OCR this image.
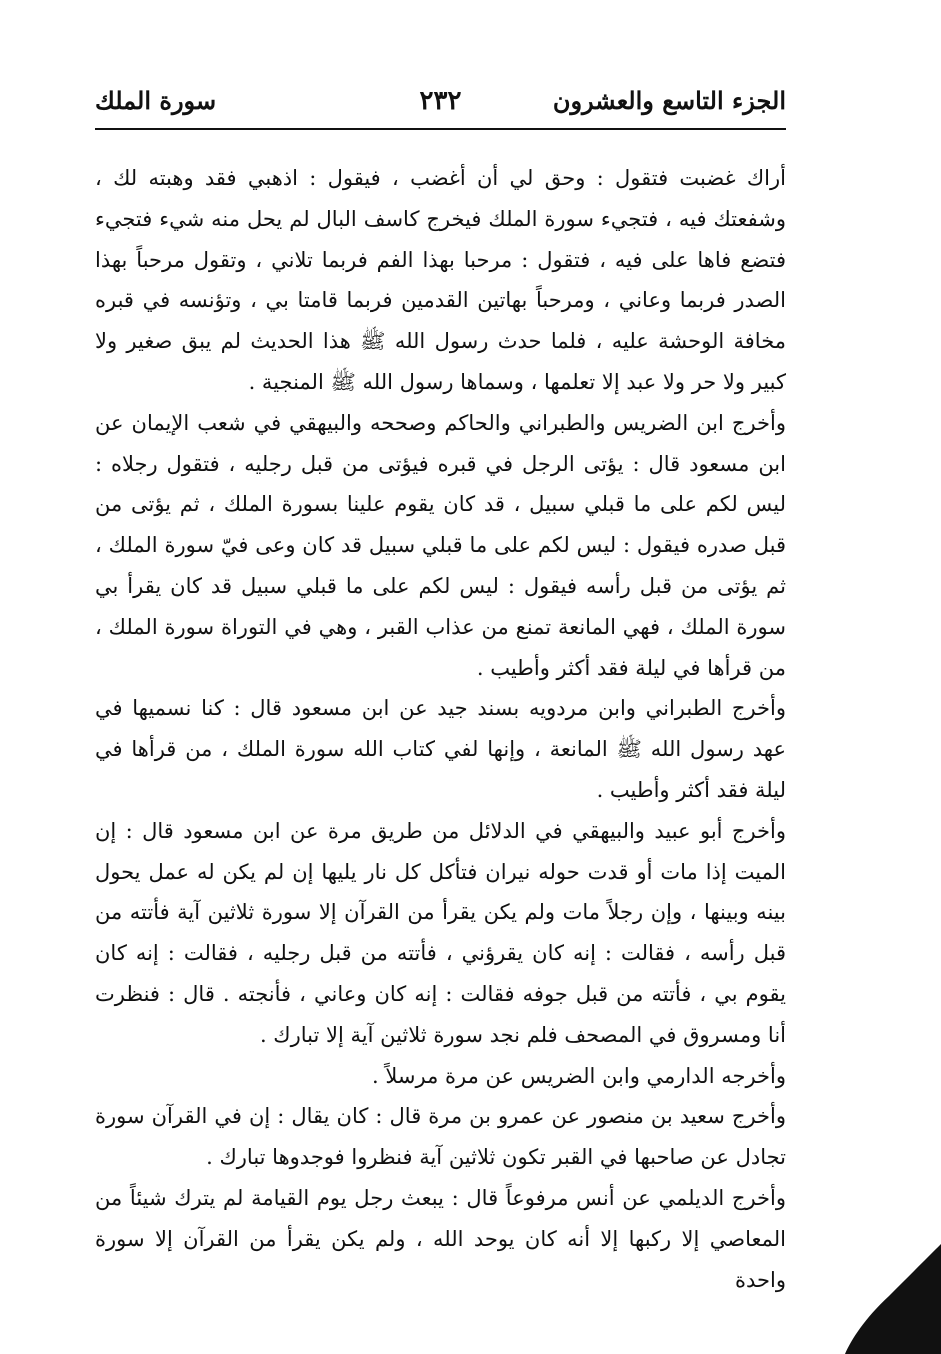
الجزء التاسع والعشرون
٢٣٢
سورة الملك

أراك غضبت فتقول : وحق لي أن أغضب ، فيقول : اذهبي فقد وهبته لك ، وشفعتك فيه ، فتجيء سورة الملك فيخرج كاسف البال لم يحل منه شيء فتجيء فتضع فاها على فيه ، فتقول : مرحبا بهذا الفم فربما تلاني ، وتقول مرحباً بهذا الصدر فربما وعاني ، ومرحباً بهاتين القدمين فربما قامتا بي ، وتؤنسه في قبره مخافة الوحشة عليه ، فلما حدث رسول الله ﷺ هذا الحديث لم يبق صغير ولا كبير ولا حر ولا عبد إلا تعلمها ، وسماها رسول الله ﷺ المنجية .

وأخرج ابن الضريس والطبراني والحاكم وصححه والبيهقي في شعب الإيمان عن ابن مسعود قال : يؤتى الرجل في قبره فيؤتى من قبل رجليه ، فتقول رجلاه : ليس لكم على ما قبلي سبيل ، قد كان يقوم علينا بسورة الملك ، ثم يؤتى من قبل صدره فيقول : ليس لكم على ما قبلي سبيل قد كان وعى فيّ سورة الملك ، ثم يؤتى من قبل رأسه فيقول : ليس لكم على ما قبلي سبيل قد كان يقرأ بي سورة الملك ، فهي المانعة تمنع من عذاب القبر ، وهي في التوراة سورة الملك ، من قرأها في ليلة فقد أكثر وأطيب .

وأخرج الطبراني وابن مردويه بسند جيد عن ابن مسعود قال : كنا نسميها في عهد رسول الله ﷺ المانعة ، وإنها لفي كتاب الله سورة الملك ، من قرأها في ليلة فقد أكثر وأطيب .

وأخرج أبو عبيد والبيهقي في الدلائل من طريق مرة عن ابن مسعود قال : إن الميت إذا مات أو قدت حوله نيران فتأكل كل نار يليها إن لم يكن له عمل يحول بينه وبينها ، وإن رجلاً مات ولم يكن يقرأ من القرآن إلا سورة ثلاثين آية فأتته من قبل رأسه ، فقالت : إنه كان يقرؤني ، فأتته من قبل رجليه ، فقالت : إنه كان يقوم بي ، فأتته من قبل جوفه فقالت : إنه كان وعاني ، فأنجته . قال : فنظرت أنا ومسروق في المصحف فلم نجد سورة ثلاثين آية إلا تبارك .

وأخرجه الدارمي وابن الضريس عن مرة مرسلاً .

وأخرج سعيد بن منصور عن عمرو بن مرة قال : كان يقال : إن في القرآن سورة تجادل عن صاحبها في القبر تكون ثلاثين آية فنظروا فوجدوها تبارك .

وأخرج الديلمي عن أنس مرفوعاً قال : يبعث رجل يوم القيامة لم يترك شيئاً من المعاصي إلا ركبها إلا أنه كان يوحد الله ، ولم يكن يقرأ من القرآن إلا سورة واحدة
